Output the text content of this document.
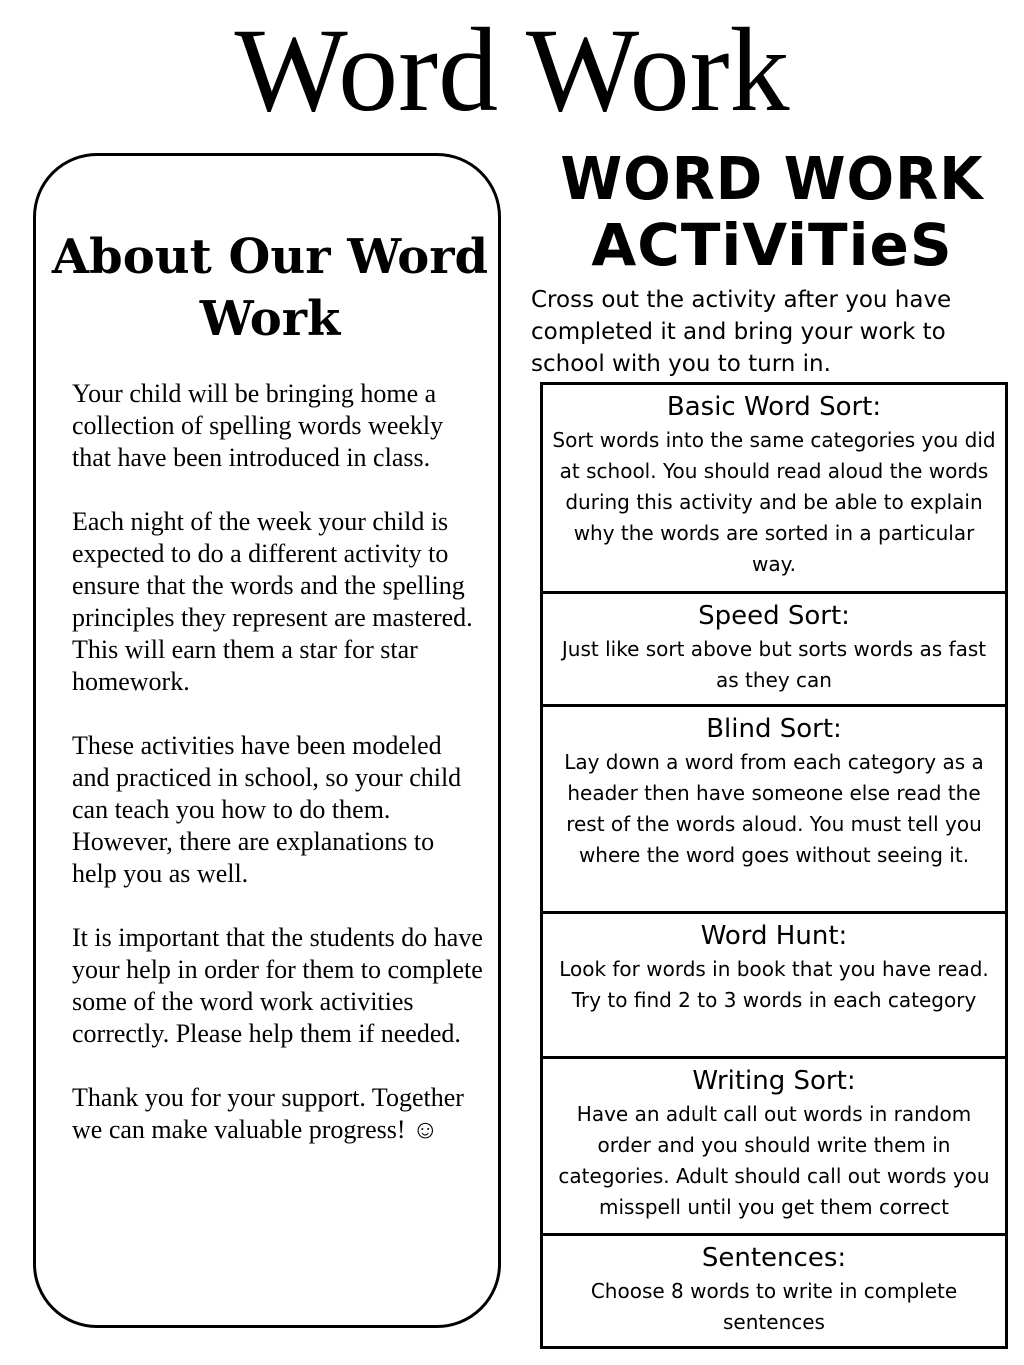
Word Work
About Our Word Work

Your child will be bringing home a collection of spelling words weekly that have been introduced in class.

Each night of the week your child is expected to do a different activity to ensure that the words and the spelling principles they represent are mastered. This will earn them a star for star homework.

These activities have been modeled and practiced in school, so your child can teach you how to do them. However, there are explanations to help you as well.

It is important that the students do have your help in order for them to complete some of the word work activities correctly. Please help them if needed.

Thank you for your support. Together we can make valuable progress! ☺

WORD WORK
ACTiViTieS

Cross out the activity after you have completed it and bring your work to school with you to turn in.

Basic Word Sort:
Sort words into the same categories you did at school. You should read aloud the words during this activity and be able to explain why the words are sorted in a particular way.
Speed Sort:
Just like sort above but sorts words as fast as they can
Blind Sort:
Lay down a word from each category as a header then have someone else read the rest of the words aloud. You must tell you where the word goes without seeing it.
Word Hunt:
Look for words in book that you have read. Try to find 2 to 3 words in each category
Writing Sort:
Have an adult call out words in random order and you should write them in categories. Adult should call out words you misspell until you get them correct
Sentences:
Choose 8 words to write in complete sentences
